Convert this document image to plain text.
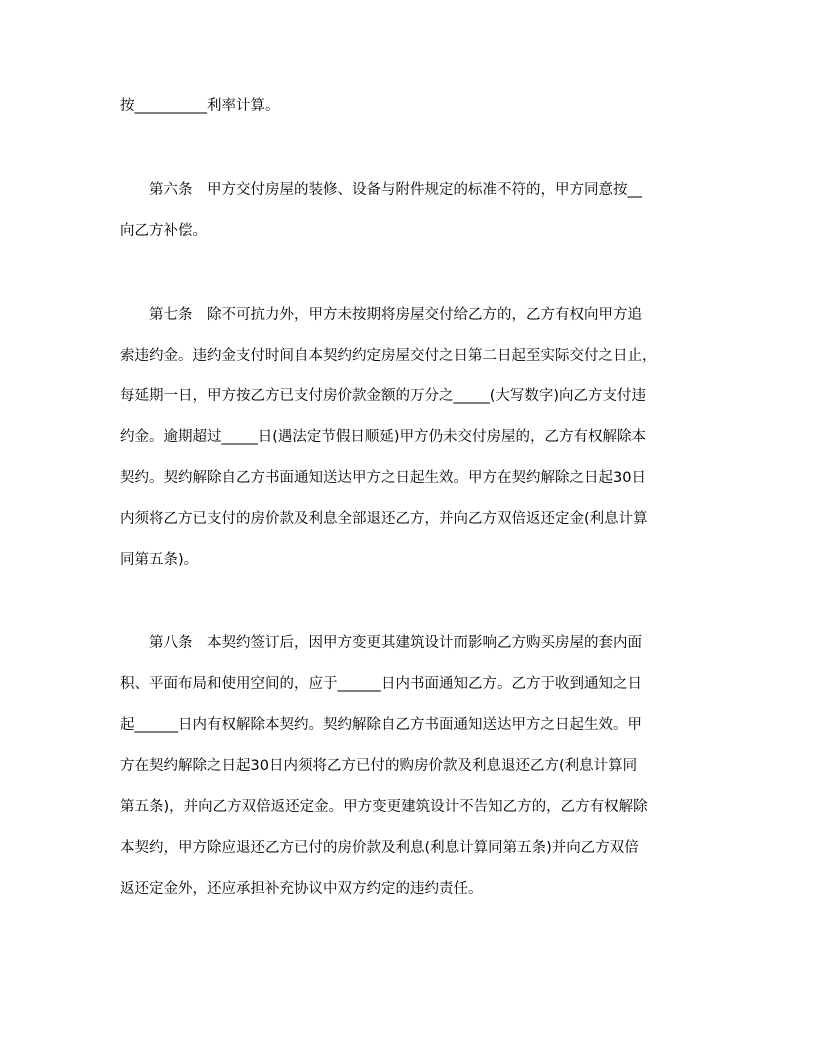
按__________利率计算。
　　第六条　甲方交付房屋的装修、设备与附件规定的标准不符的，甲方同意按__
向乙方补偿。
　　第七条　除不可抗力外，甲方未按期将房屋交付给乙方的，乙方有权向甲方追
索违约金。违约金支付时间自本契约约定房屋交付之日第二日起至实际交付之日止，
每延期一日，甲方按乙方已支付房价款金额的万分之_____(大写数字)向乙方支付违
约金。逾期超过_____日(遇法定节假日顺延)甲方仍未交付房屋的，乙方有权解除本
契约。契约解除自乙方书面通知送达甲方之日起生效。甲方在契约解除之日起30日
内须将乙方已支付的房价款及利息全部退还乙方，并向乙方双倍返还定金(利息计算
同第五条)。
　　第八条　本契约签订后，因甲方变更其建筑设计而影响乙方购买房屋的套内面
积、平面布局和使用空间的，应于______日内书面通知乙方。乙方于收到通知之日
起______日内有权解除本契约。契约解除自乙方书面通知送达甲方之日起生效。甲
方在契约解除之日起30日内须将乙方已付的购房价款及利息退还乙方(利息计算同
第五条)，并向乙方双倍返还定金。甲方变更建筑设计不告知乙方的，乙方有权解除
本契约，甲方除应退还乙方已付的房价款及利息(利息计算同第五条)并向乙方双倍
返还定金外，还应承担补充协议中双方约定的违约责任。
